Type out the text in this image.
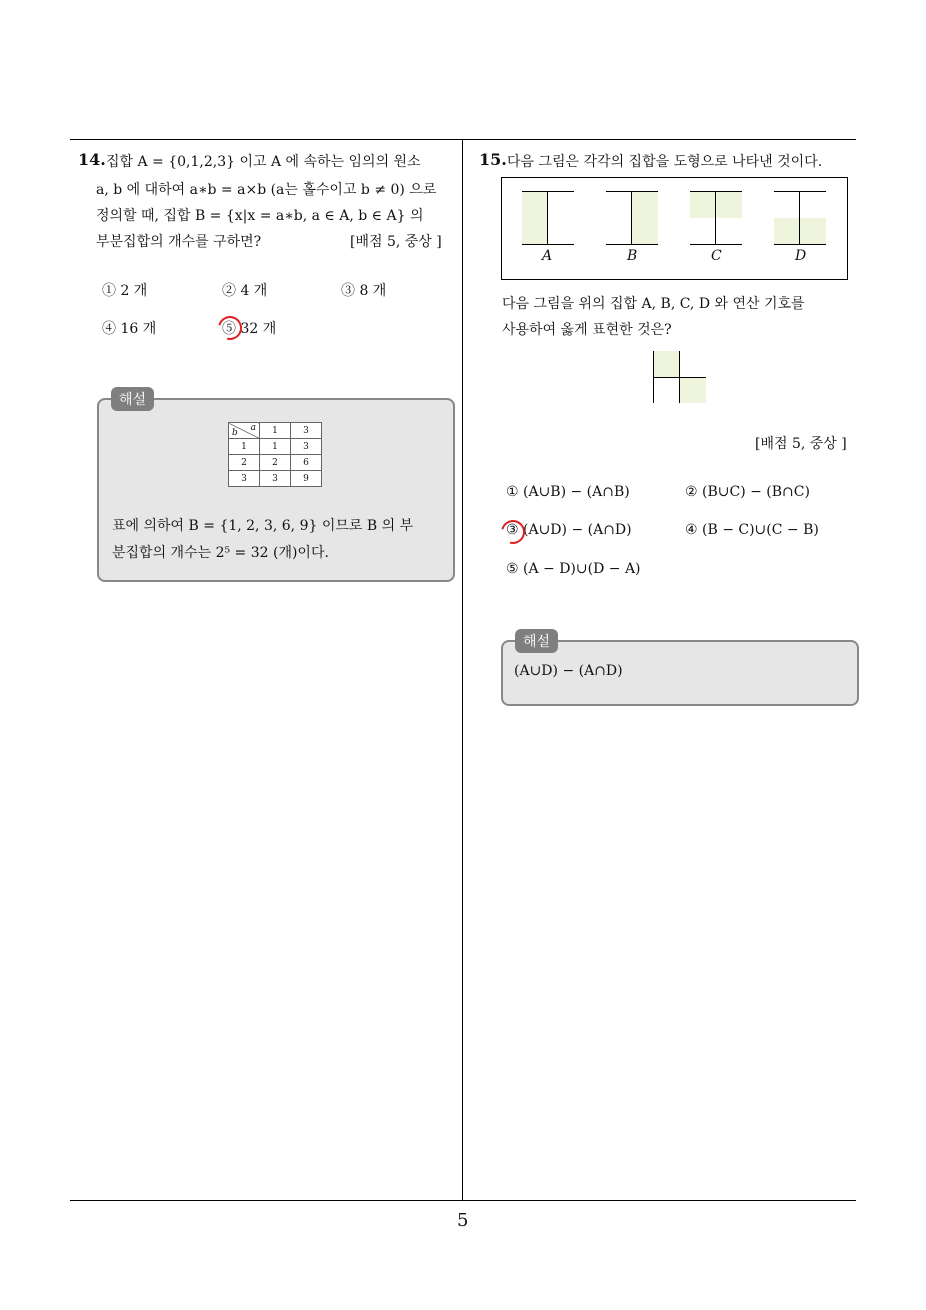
14. 집합 A = {0,1,2,3} 이고 A 에 속하는 임의의 원소
a, b 에 대하여 a∗b = a×b (a는 홀수이고 b ≠ 0) 으로
정의할 때, 집합 B = {x|x = a∗b, a ∈ A, b ∈ A} 의
부분집합의 개수를 구하면?	[배점 5, 중상 ]
① 2 개	② 4 개	③ 8 개
④ 16 개	⑤ 32 개
해설
a
b	1	3
1	1	3
2	2	6
3	3	9
표에 의하여 B = {1, 2, 3, 6, 9} 이므로 B 의 부
분집합의 개수는 2⁵ = 32 (개)이다.
15. 다음 그림은 각각의 집합을 도형으로 나타낸 것이다.
A	B	C	D
다음 그림을 위의 집합 A, B, C, D 와 연산 기호를
사용하여 옳게 표현한 것은?
[배점 5, 중상 ]
① (A∪B) − (A∩B)	② (B∪C) − (B∩C)
③ (A∪D) − (A∩D)	④ (B − C)∪(C − B)
⑤ (A − D)∪(D − A)
해설
(A∪D) − (A∩D)
5
